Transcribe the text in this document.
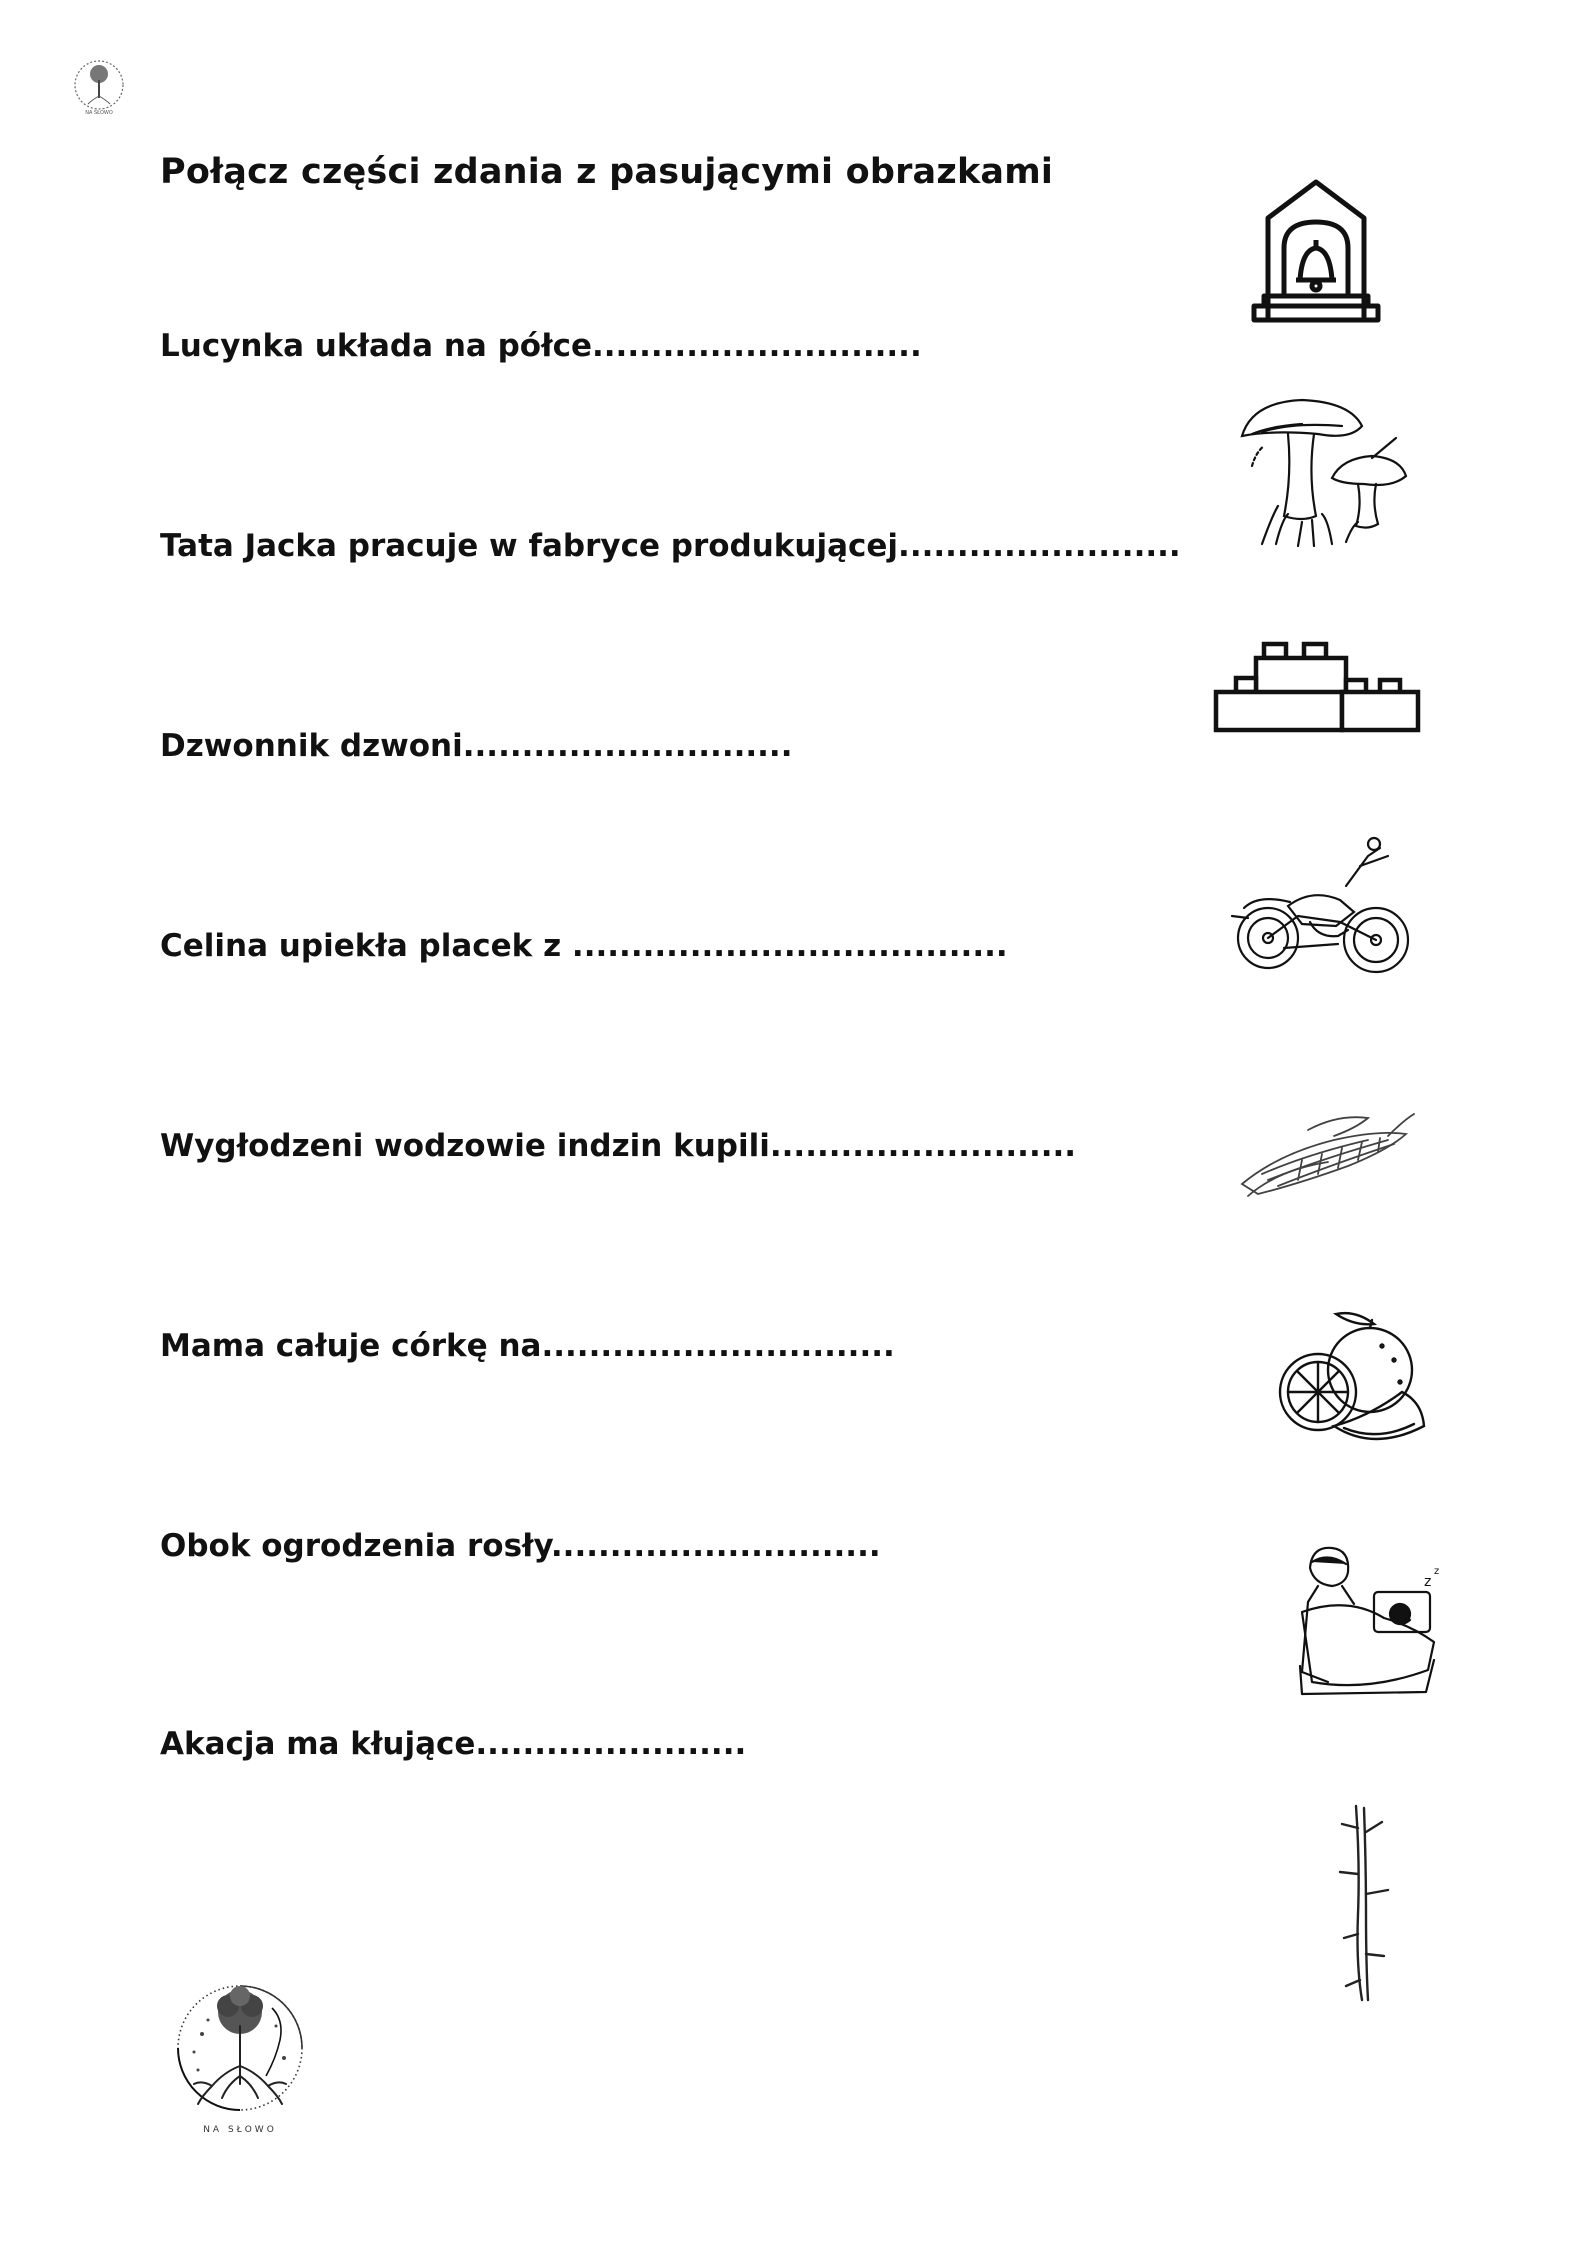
NA SŁOWO
Połącz części zdania z pasującymi obrazkami
Lucynka układa na półce............................
Tata Jacka pracuje w fabryce produkującej........................
Dzwonnik dzwoni............................
Celina upiekła placek z .....................................
Wygłodzeni wodzowie indzin kupili..........................
Mama całuje córkę na..............................
Obok ogrodzenia rosły............................
Akacja ma kłujące.......................
z
z
NA SŁOWO
